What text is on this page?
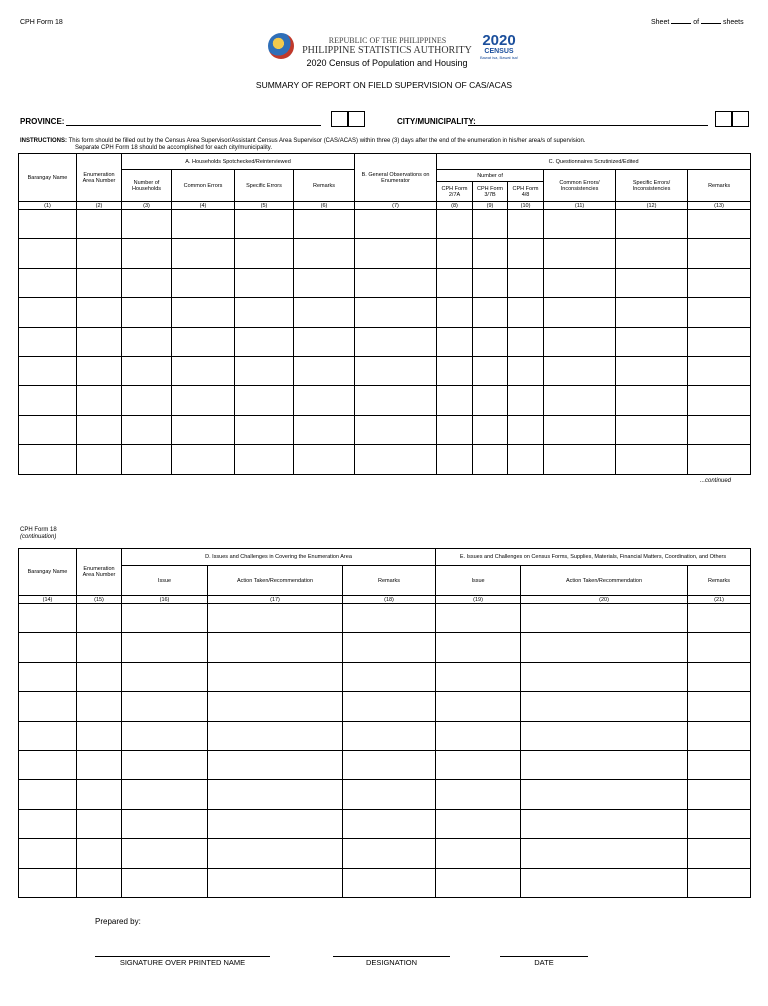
CPH Form 18	Sheet	of	sheets
REPUBLIC OF THE PHILIPPINES
PHILIPPINE STATISTICS AUTHORITY
2020 Census of Population and Housing
2020
CENSUS
Bawat isa, Bawat isa!
SUMMARY OF REPORT ON FIELD SUPERVISION OF CAS/ACAS
PROVINCE:	CITY/MUNICIPALITY:
INSTRUCTIONS: This form should be filled out by the Census Area Supervisor/Assistant Census Area Supervisor (CAS/ACAS) within three (3) days after the end of the enumeration in his/her area/s of supervision.
Separate CPH Form 18 should be accomplished for each city/municipality.
Barangay Name	Enumeration Area Number	A. Households Spotchecked/Reinterviewed				B. General Observations on Enumerator	C. Questionnaires Scrutinized/Edited					
		Number of Households	Common Errors	Specific Errors	Remarks		Number of			Common Errors/ Inconsistencies	Specific Errors/ Inconsistencies	Remarks
							CPH Form 2/7A	CPH Form 3/7B	CPH Form 4/8			
(1)	(2)	(3)	(4)	(5)	(6)	(7)	(8)	(9)	(10)	(11)	(12)	(13)

...continued
CPH Form 18
(continuation)
Barangay Name	Enumeration Area Number	D. Issues and Challenges in Covering the Enumeration Area			E. Issues and Challenges on Census Forms, Supplies, Materials, Financial Matters, Coordination, and Others		
		Issue	Action Taken/Recommendation	Remarks	Issue	Action Taken/Recommendation	Remarks
(14)	(15)	(16)	(17)	(18)	(19)	(20)	(21)

Prepared by:
SIGNATURE OVER PRINTED NAME	DESIGNATION	DATE
